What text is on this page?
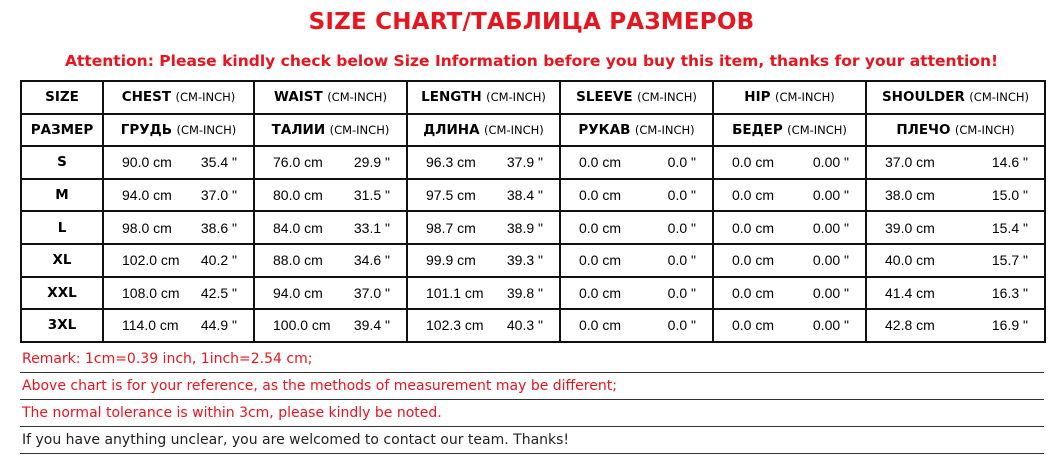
SIZE CHART/ТАБЛИЦА РАЗМЕРОВ
Attention: Please kindly check below Size Information before you buy this item, thanks for your attention!
SIZE	CHEST (CM-INCH)	WAIST (CM-INCH)	LENGTH (CM-INCH)	SLEEVE (CM-INCH)	HIP (CM-INCH)	SHOULDER (CM-INCH)
РАЗМЕР	ГРУДЬ (CM-INCH)	ТАЛИИ (CM-INCH)	ДЛИНА (CM-INCH)	РУКАВ (CM-INCH)	БЕДЕР (CM-INCH)	ПЛЕЧО (CM-INCH)
S	90.0 cm 35.4 "	76.0 cm 29.9 "	96.3 cm 37.9 "	0.0 cm 0.0 "	0.0 cm 0.00 "	37.0 cm 14.6 "

M	94.0 cm 37.0 "	80.0 cm 31.5 "	97.5 cm 38.4 "	0.0 cm 0.0 "	0.0 cm 0.00 "	38.0 cm 15.0 "

L	98.0 cm 38.6 "	84.0 cm 33.1 "	98.7 cm 38.9 "	0.0 cm 0.0 "	0.0 cm 0.00 "	39.0 cm 15.4 "

XL	102.0 cm 40.2 "	88.0 cm 34.6 "	99.9 cm 39.3 "	0.0 cm 0.0 "	0.0 cm 0.00 "	40.0 cm 15.7 "

XXL	108.0 cm 42.5 "	94.0 cm 37.0 "	101.1 cm 39.8 "	0.0 cm 0.0 "	0.0 cm 0.00 "	41.4 cm 16.3 "

3XL	114.0 cm 44.9 "	100.0 cm 39.4 "	102.3 cm 40.3 "	0.0 cm 0.0 "	0.0 cm 0.00 "	42.8 cm 16.9 "
Remark: 1cm=0.39 inch, 1inch=2.54 cm;
Above chart is for your reference, as the methods of measurement may be different;
The normal tolerance is within 3cm, please kindly be noted.
If you have anything unclear, you are welcomed to contact our team. Thanks!
